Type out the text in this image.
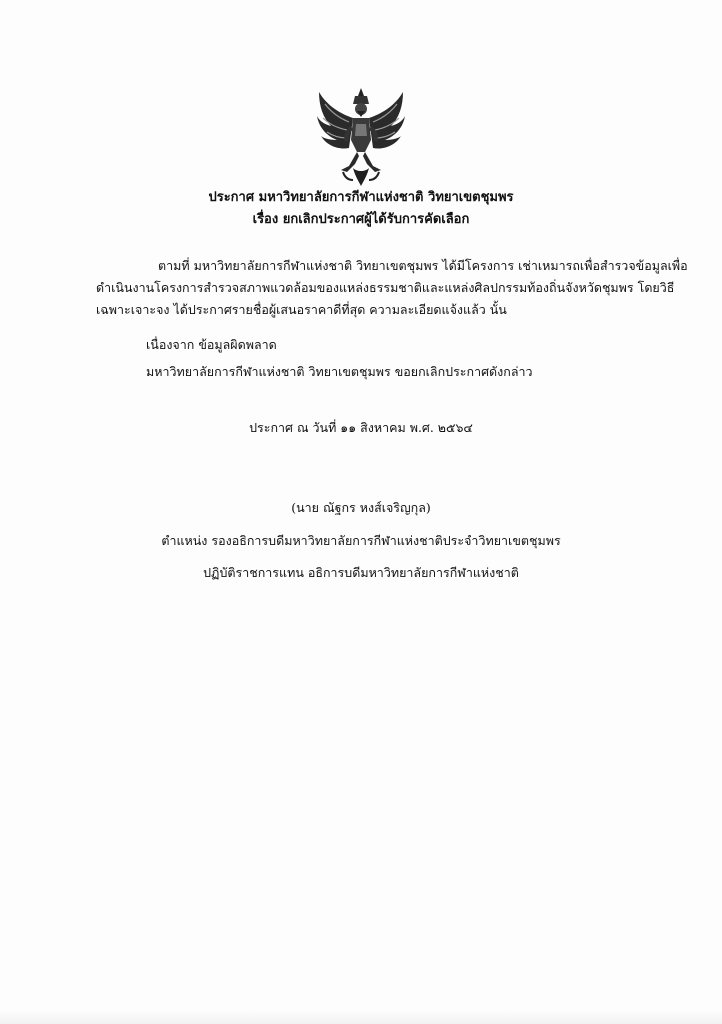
ประกาศ มหาวิทยาลัยการกีฬาแห่งชาติ วิทยาเขตชุมพร
เรื่อง ยกเลิกประกาศผู้ได้รับการคัดเลือก
ตามที่ มหาวิทยาลัยการกีฬาแห่งชาติ วิทยาเขตชุมพร ได้มีโครงการ เช่าเหมารถเพื่อสำรวจข้อมูลเพื่อ
ดำเนินงานโครงการสำรวจสภาพแวดล้อมของแหล่งธรรมชาติและแหล่งศิลปกรรมท้องถิ่นจังหวัดชุมพร โดยวิธี
เฉพาะเจาะจง ได้ประกาศรายชื่อผู้เสนอราคาดีที่สุด ความละเอียดแจ้งแล้ว นั้น
เนื่องจาก ข้อมูลผิดพลาด
มหาวิทยาลัยการกีฬาแห่งชาติ วิทยาเขตชุมพร ขอยกเลิกประกาศดังกล่าว
ประกาศ ณ วันที่ ๑๑ สิงหาคม พ.ศ. ๒๕๖๔
(นาย ณัฐกร หงส์เจริญกุล)
ตำแหน่ง รองอธิการบดีมหาวิทยาลัยการกีฬาแห่งชาติประจำวิทยาเขตชุมพร
ปฏิบัติราชการแทน อธิการบดีมหาวิทยาลัยการกีฬาแห่งชาติ
